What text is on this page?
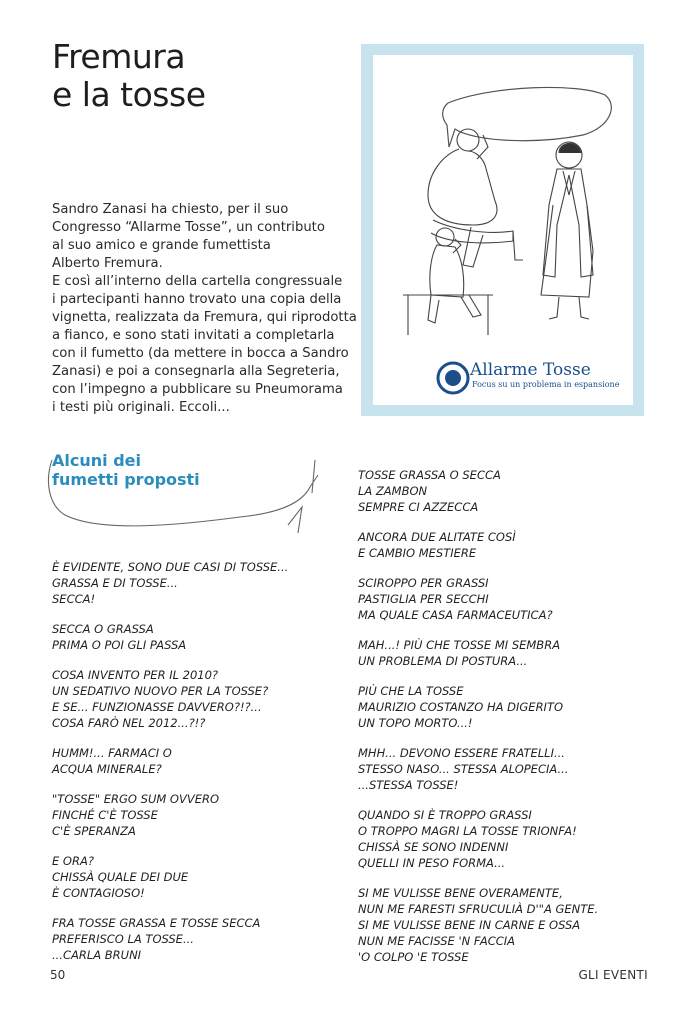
Fremura
e la tosse
Sandro Zanasi ha chiesto, per il suo
Congresso “Allarme Tosse”, un contributo
al suo amico e grande fumettista
Alberto Fremura.
E così all’interno della cartella congressuale
i partecipanti hanno trovato una copia della
vignetta, realizzata da Fremura, qui riprodotta
a fianco, e sono stati invitati a completarla
con il fumetto (da mettere in bocca a Sandro
Zanasi) e poi a consegnarla alla Segreteria,
con l’impegno a pubblicare su Pneumorama
i testi più originali. Eccoli...
Allarme Tosse
Focus su un problema in espansione
Alcuni dei
fumetti proposti
È EVIDENTE, SONO DUE CASI DI TOSSE...
GRASSA E DI TOSSE...
SECCA!
SECCA O GRASSA
PRIMA O POI GLI PASSA
COSA INVENTO PER IL 2010?
UN SEDATIVO NUOVO PER LA TOSSE?
E SE... FUNZIONASSE DAVVERO?!?...
COSA FARÒ NEL 2012...?!?
HUMM!... FARMACI O
ACQUA MINERALE?
"TOSSE" ERGO SUM OVVERO
FINCHÉ C'È TOSSE
C'È SPERANZA
E ORA?
CHISSÀ QUALE DEI DUE
È CONTAGIOSO!
FRA TOSSE GRASSA E TOSSE SECCA
PREFERISCO LA TOSSE...
...CARLA BRUNI
TOSSE GRASSA O SECCA
LA ZAMBON
SEMPRE CI AZZECCA
ANCORA DUE ALITATE COSÌ
E CAMBIO MESTIERE
SCIROPPO PER GRASSI
PASTIGLIA PER SECCHI
MA QUALE CASA FARMACEUTICA?
MAH...! PIÙ CHE TOSSE MI SEMBRA
UN PROBLEMA DI POSTURA...
PIÙ CHE LA TOSSE
MAURIZIO COSTANZO HA DIGERITO
UN TOPO MORTO...!
MHH... DEVONO ESSERE FRATELLI...
STESSO NASO... STESSA ALOPECIA...
...STESSA TOSSE!
QUANDO SI È TROPPO GRASSI
O TROPPO MAGRI LA TOSSE TRIONFA!
CHISSÀ SE SONO INDENNI
QUELLI IN PESO FORMA...
SI ME VULISSE BENE OVERAMENTE,
NUN ME FARESTI SFRUCULIÀ D'"A GENTE.
SI ME VULISSE BENE IN CARNE E OSSA
NUN ME FACISSE 'N FACCIA
'O COLPO 'E TOSSE
50	GLI EVENTI
